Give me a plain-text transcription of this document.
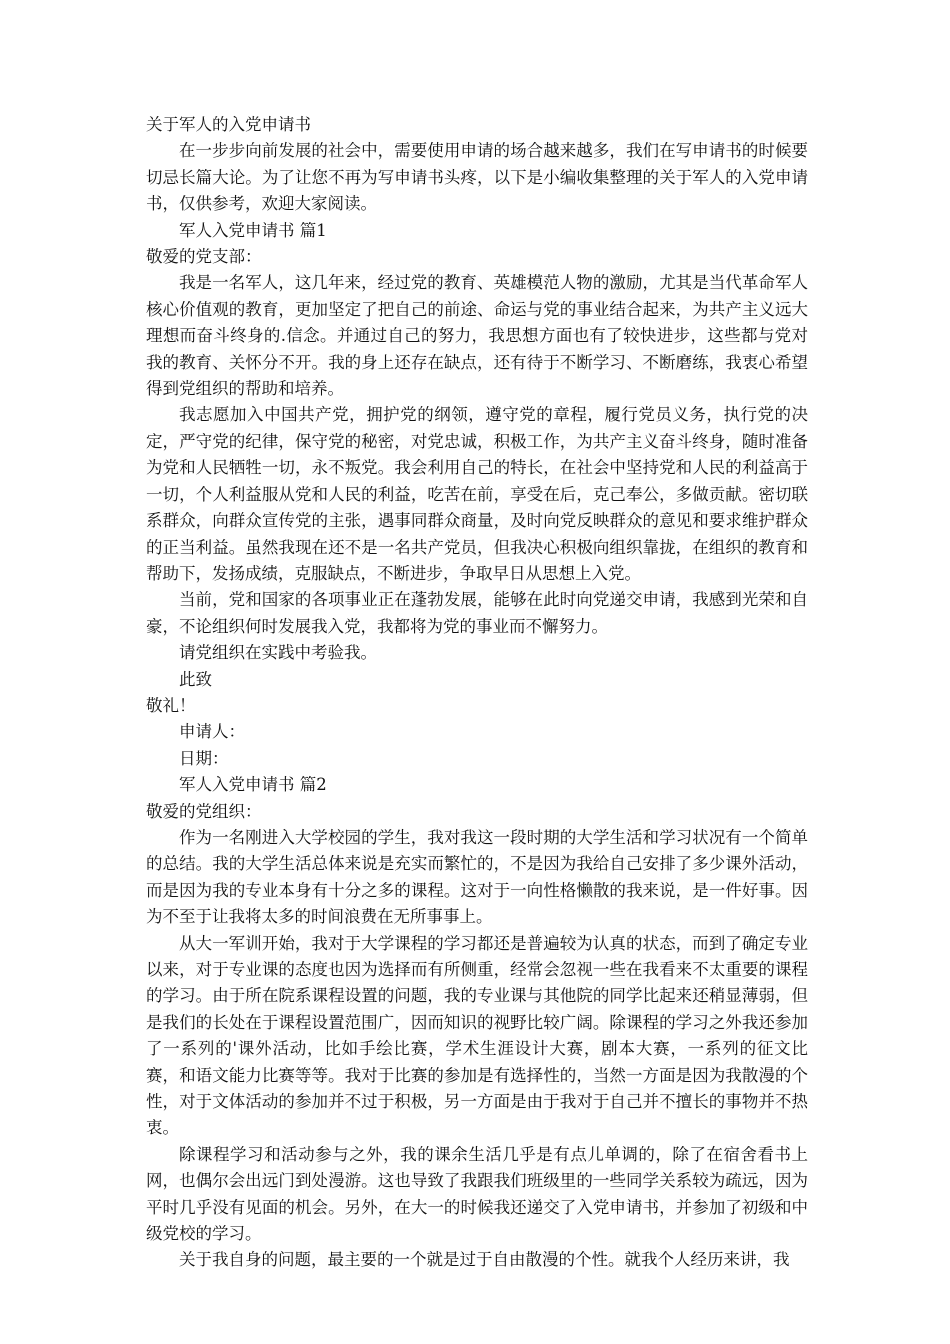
关于军人的入党申请书

在一步步向前发展的社会中，需要使用申请的场合越来越多，我们在写申请书的时候要切忌长篇大论。为了让您不再为写申请书头疼，以下是小编收集整理的关于军人的入党申请书，仅供参考，欢迎大家阅读。

军人入党申请书 篇1

敬爱的党支部：

我是一名军人，这几年来，经过党的教育、英雄模范人物的激励，尤其是当代革命军人核心价值观的教育，更加坚定了把自己的前途、命运与党的事业结合起来，为共产主义远大理想而奋斗终身的.信念。并通过自己的努力，我思想方面也有了较快进步，这些都与党对我的教育、关怀分不开。我的身上还存在缺点，还有待于不断学习、不断磨练，我衷心希望得到党组织的帮助和培养。

我志愿加入中国共产党，拥护党的纲领，遵守党的章程，履行党员义务，执行党的决定，严守党的纪律，保守党的秘密，对党忠诚，积极工作，为共产主义奋斗终身，随时准备为党和人民牺牲一切，永不叛党。我会利用自己的特长，在社会中坚持党和人民的利益高于一切，个人利益服从党和人民的利益，吃苦在前，享受在后，克己奉公，多做贡献。密切联系群众，向群众宣传党的主张，遇事同群众商量，及时向党反映群众的意见和要求维护群众的正当利益。虽然我现在还不是一名共产党员，但我决心积极向组织靠拢，在组织的教育和帮助下，发扬成绩，克服缺点，不断进步，争取早日从思想上入党。

当前，党和国家的各项事业正在蓬勃发展，能够在此时向党递交申请，我感到光荣和自豪，不论组织何时发展我入党，我都将为党的事业而不懈努力。

请党组织在实践中考验我。

此致

敬礼！

申请人：

日期：

军人入党申请书 篇2

敬爱的党组织：

作为一名刚进入大学校园的学生，我对我这一段时期的大学生活和学习状况有一个简单的总结。我的大学生活总体来说是充实而繁忙的，不是因为我给自己安排了多少课外活动，而是因为我的专业本身有十分之多的课程。这对于一向性格懒散的我来说，是一件好事。因为不至于让我将太多的时间浪费在无所事事上。

从大一军训开始，我对于大学课程的学习都还是普遍较为认真的状态，而到了确定专业以来，对于专业课的态度也因为选择而有所侧重，经常会忽视一些在我看来不太重要的课程的学习。由于所在院系课程设置的问题，我的专业课与其他院的同学比起来还稍显薄弱，但是我们的长处在于课程设置范围广，因而知识的视野比较广阔。除课程的学习之外我还参加了一系列的'课外活动，比如手绘比赛，学术生涯设计大赛，剧本大赛，一系列的征文比赛，和语文能力比赛等等。我对于比赛的参加是有选择性的，当然一方面是因为我散漫的个性，对于文体活动的参加并不过于积极，另一方面是由于我对于自己并不擅长的事物并不热衷。

除课程学习和活动参与之外，我的课余生活几乎是有点儿单调的，除了在宿舍看书上网，也偶尔会出远门到处漫游。这也导致了我跟我们班级里的一些同学关系较为疏远，因为平时几乎没有见面的机会。另外，在大一的时候我还递交了入党申请书，并参加了初级和中级党校的学习。

关于我自身的问题，最主要的一个就是过于自由散漫的个性。就我个人经历来讲，我
